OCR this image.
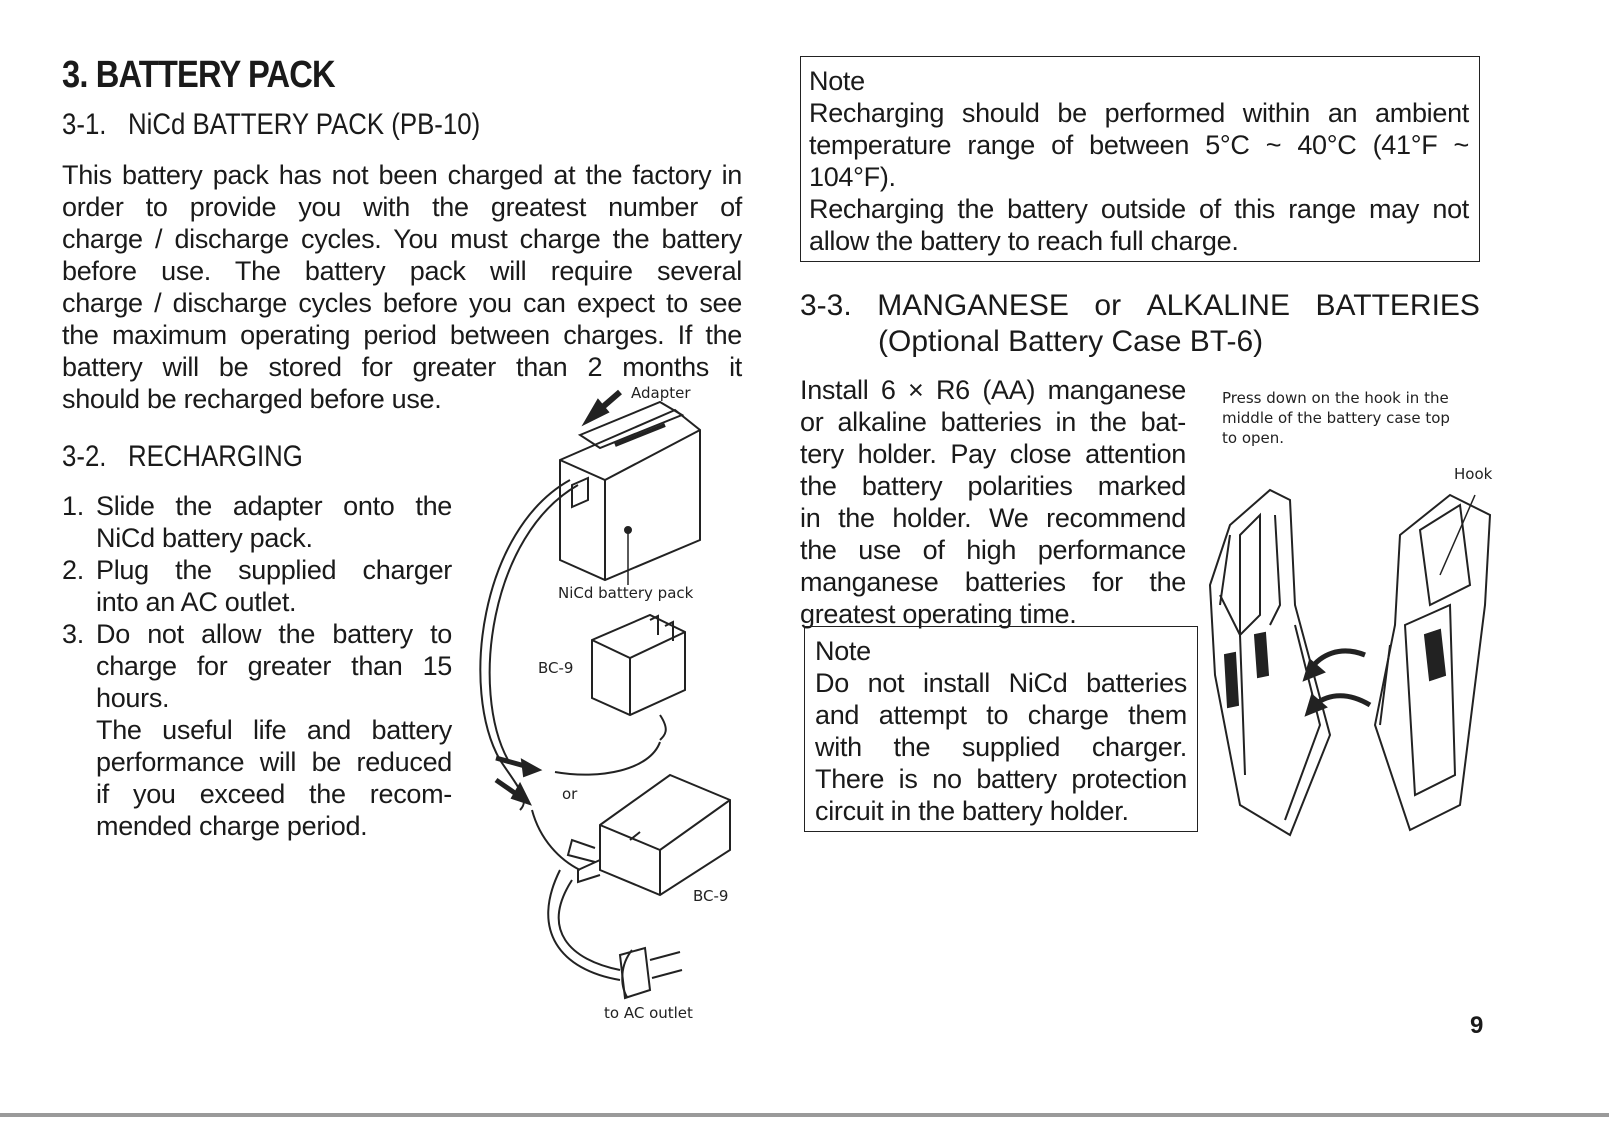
3. BATTERY PACK
3-1.   NiCd BATTERY PACK (PB-10)
This battery pack has not been charged at the factory in
order to provide you with the greatest number of
charge / discharge cycles. You must charge the battery
before use. The battery pack will require several
charge / discharge cycles before you can expect to see
the maximum operating period between charges. If the
battery will be stored for greater than 2 months it
should be recharged before use.
3-2.   RECHARGING
1. Slide the adapter onto the
NiCd battery pack.
2. Plug the supplied charger
into an AC outlet.
3. Do not allow the battery to
charge for greater than 15
hours.
The useful life and battery
performance will be reduced
if you exceed the recom-
mended charge period.
Adapter
NiCd battery pack
BC-9
or
BC-9
to AC outlet
Note
Recharging should be performed within an ambient
temperature range of between 5°C ~ 40°C (41°F ~
104°F).
Recharging the battery outside of this range may not
allow the battery to reach full charge.
3-3. MANGANESE or ALKALINE BATTERIES
(Optional Battery Case BT-6)
Install 6 × R6 (AA) manganese
or alkaline batteries in the bat-
tery holder. Pay close attention
the battery polarities marked
in the holder. We recommend
the use of high performance
manganese batteries for the
greatest operating time.
Note
Do not install NiCd batteries
and attempt to charge them
with the supplied charger.
There is no battery protection
circuit in the battery holder.
Press down on the hook in the
middle of the battery case top
to open.
Hook
9
